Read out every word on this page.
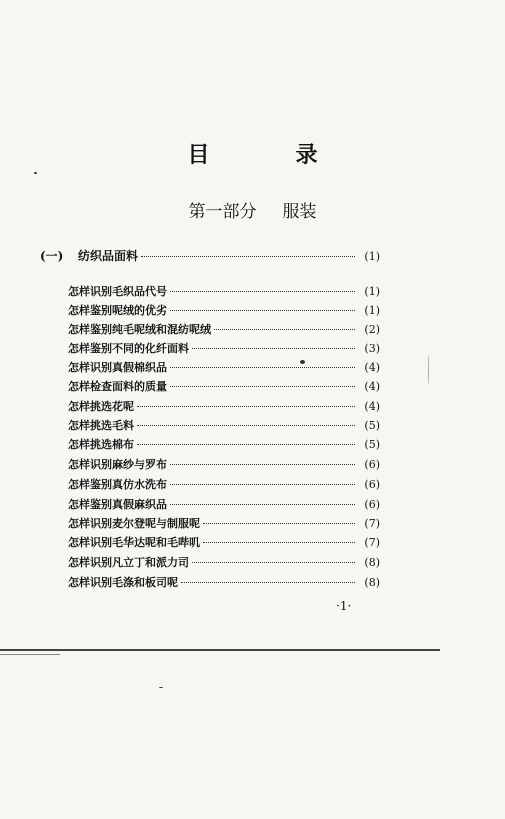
目　录
第一部分 服装
(一)	纺织品面料	(1)
怎样识别毛织品代号	(1)
怎样鉴别呢绒的优劣	(1)
怎样鉴别纯毛呢绒和混纺呢绒	(2)
怎样鉴别不同的化纤面料	(3)
怎样识别真假棉织品	(4)
怎样检查面料的质量	(4)
怎样挑选花呢	(4)
怎样挑选毛料	(5)
怎样挑选棉布	(5)
怎样识别麻纱与罗布	(6)
怎样鉴别真仿水洗布	(6)
怎样鉴别真假麻织品	(6)
怎样识别麦尔登呢与制服呢	(7)
怎样识别毛华达呢和毛哔叽	(7)
怎样识别凡立丁和派力司	(8)
怎样识别毛涤和板司呢	(8)
·1·
